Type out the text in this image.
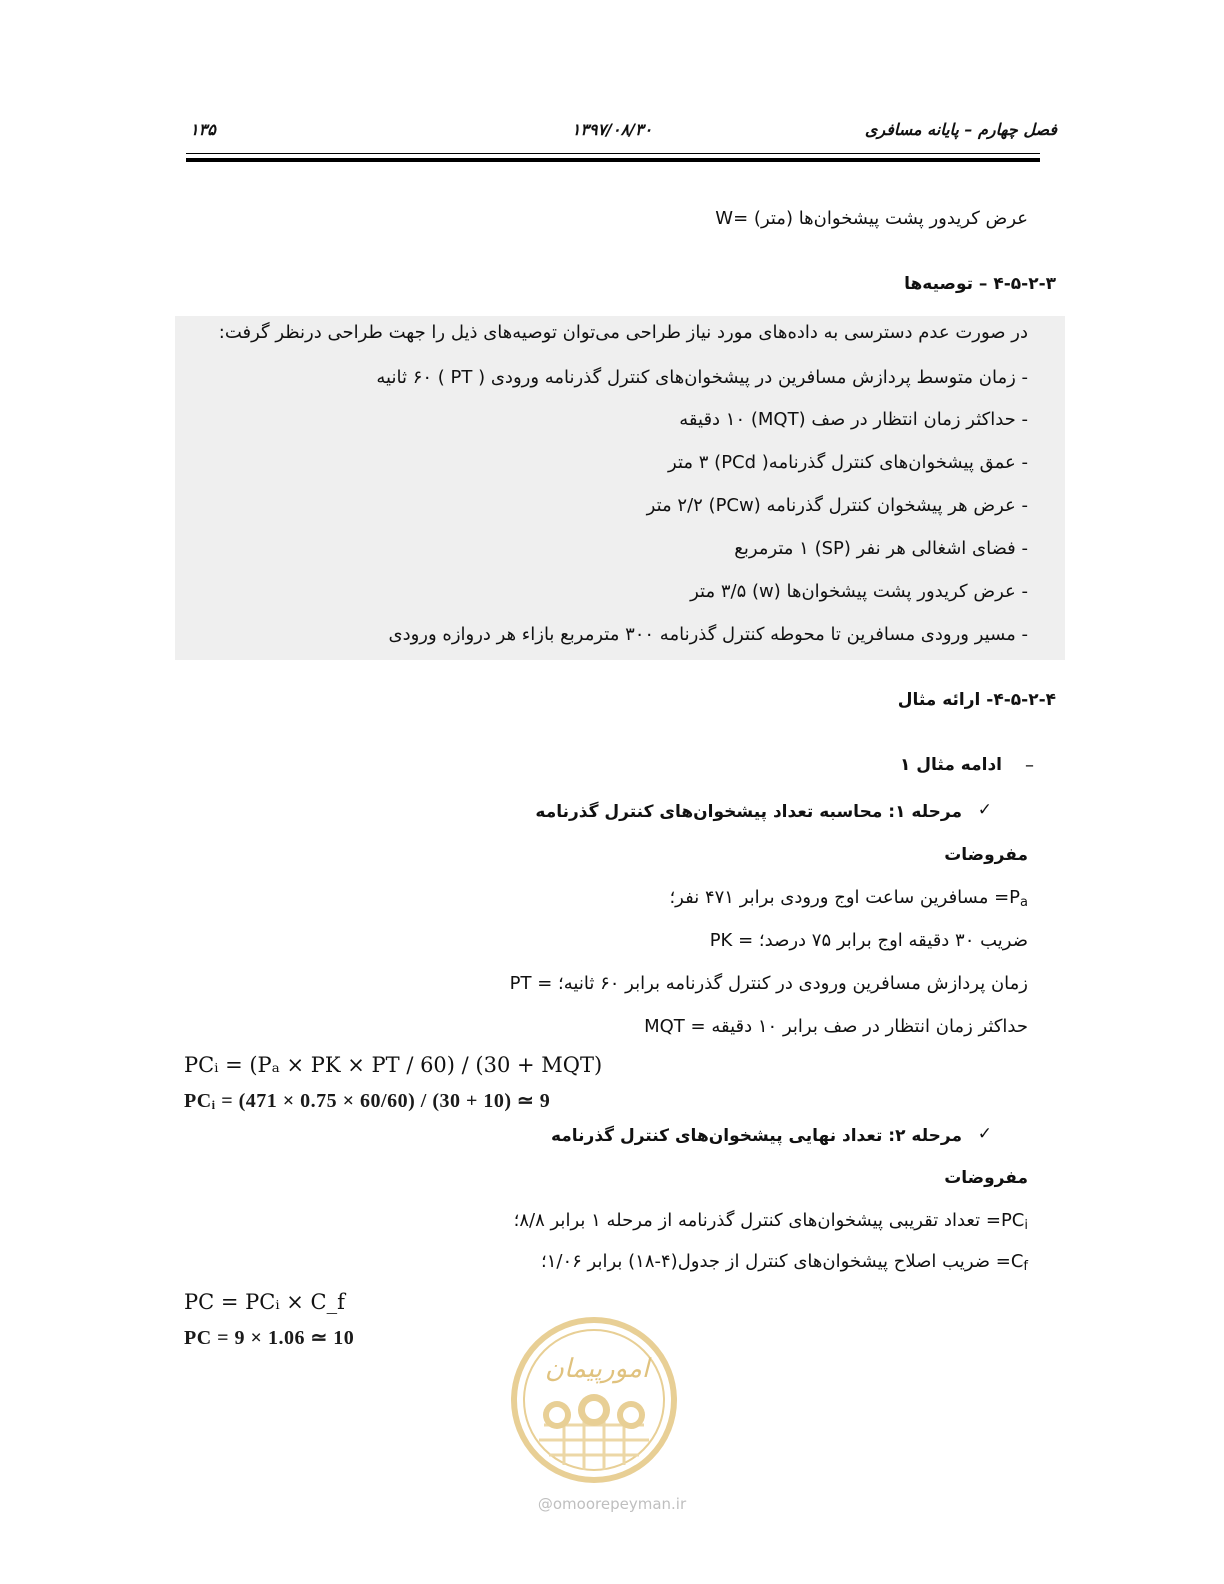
فصل چهارم – پایانه مسافری
۱۳۹۷/۰۸/۳۰
۱۳۵
W= عرض کریدور پشت پیشخوان‌ها (متر)
۴-۵-۲-۳ – توصیه‌ها
در صورت عدم دسترسی به داده‌های مورد نیاز طراحی می‌توان توصیه‌های ذیل را جهت طراحی درنظر گرفت:
- زمان متوسط پردازش مسافرین در پیشخوان‌های کنترل گذرنامه ورودی ( PT ) ۶۰ ثانیه
- حداکثر زمان انتظار در صف (MQT) ۱۰ دقیقه
- عمق پیشخوان‌های کنترل گذرنامه( PCd) ۳ متر
- عرض هر پیشخوان کنترل گذرنامه (PCw) ۲/۲ متر
- فضای اشغالی هر نفر (SP) ۱ مترمربع
- عرض کریدور پشت پیشخوان‌ها (w) ۳/۵ متر
- مسیر ورودی مسافرین تا محوطه کنترل گذرنامه ۳۰۰ مترمربع بازاء هر دروازه ورودی
۴-۵-۲-۴- ارائه مثال
–
ادامه مثال ۱
✓
مرحله ۱: محاسبه تعداد پیشخوان‌های کنترل گذرنامه
مفروضات
$P_a=$ مسافرین ساعت اوج ورودی برابر ۴۷۱ نفر؛
PK = ضریب ۳۰ دقیقه اوج برابر ۷۵ درصد؛
PT = زمان پردازش مسافرین ورودی در کنترل گذرنامه برابر ۶۰ ثانیه؛
MQT = حداکثر زمان انتظار در صف برابر ۱۰ دقیقه
PCᵢ = (Pₐ × PK × PT / 60) / (30 + MQT)
PCᵢ = (471 × 0.75 × 60/60) / (30 + 10) ≃ 9
✓
مرحله ۲: تعداد نهایی پیشخوان‌های کنترل گذرنامه
مفروضات
$PC_i=$ تعداد تقریبی پیشخوان‌های کنترل گذرنامه از مرحله ۱ برابر ۸/۸؛
$C_f=$ ضریب اصلاح پیشخوان‌های کنترل از جدول(۴-۱۸) برابر ۱/۰۶؛
PC = PCᵢ × C_f
PC = 9 × 1.06 ≃ 10
امورپیمان
@omoorepeyman.ir
